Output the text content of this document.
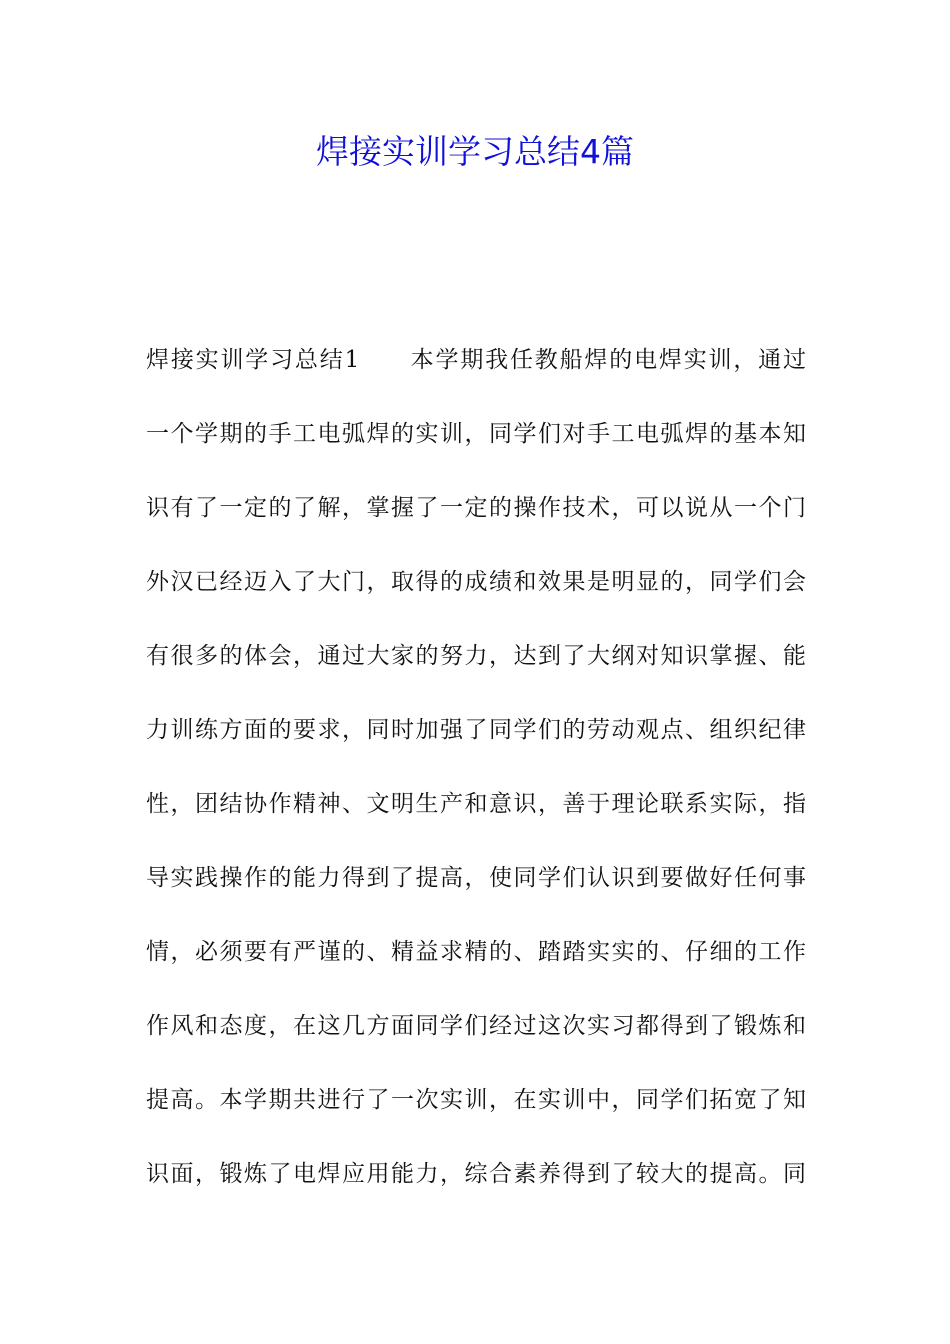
焊接实训学习总结4篇
焊接实训学习总结1　　本学期我任教船焊的电焊实训，通过
一个学期的手工电弧焊的实训，同学们对手工电弧焊的基本知
识有了一定的了解，掌握了一定的操作技术，可以说从一个门
外汉已经迈入了大门，取得的成绩和效果是明显的，同学们会
有很多的体会，通过大家的努力，达到了大纲对知识掌握、能
力训练方面的要求，同时加强了同学们的劳动观点、组织纪律
性，团结协作精神、文明生产和意识，善于理论联系实际，指
导实践操作的能力得到了提高，使同学们认识到要做好任何事
情，必须要有严谨的、精益求精的、踏踏实实的、仔细的工作
作风和态度，在这几方面同学们经过这次实习都得到了锻炼和
提高。本学期共进行了一次实训，在实训中，同学们拓宽了知
识面，锻炼了电焊应用能力，综合素养得到了较大的提高。同
